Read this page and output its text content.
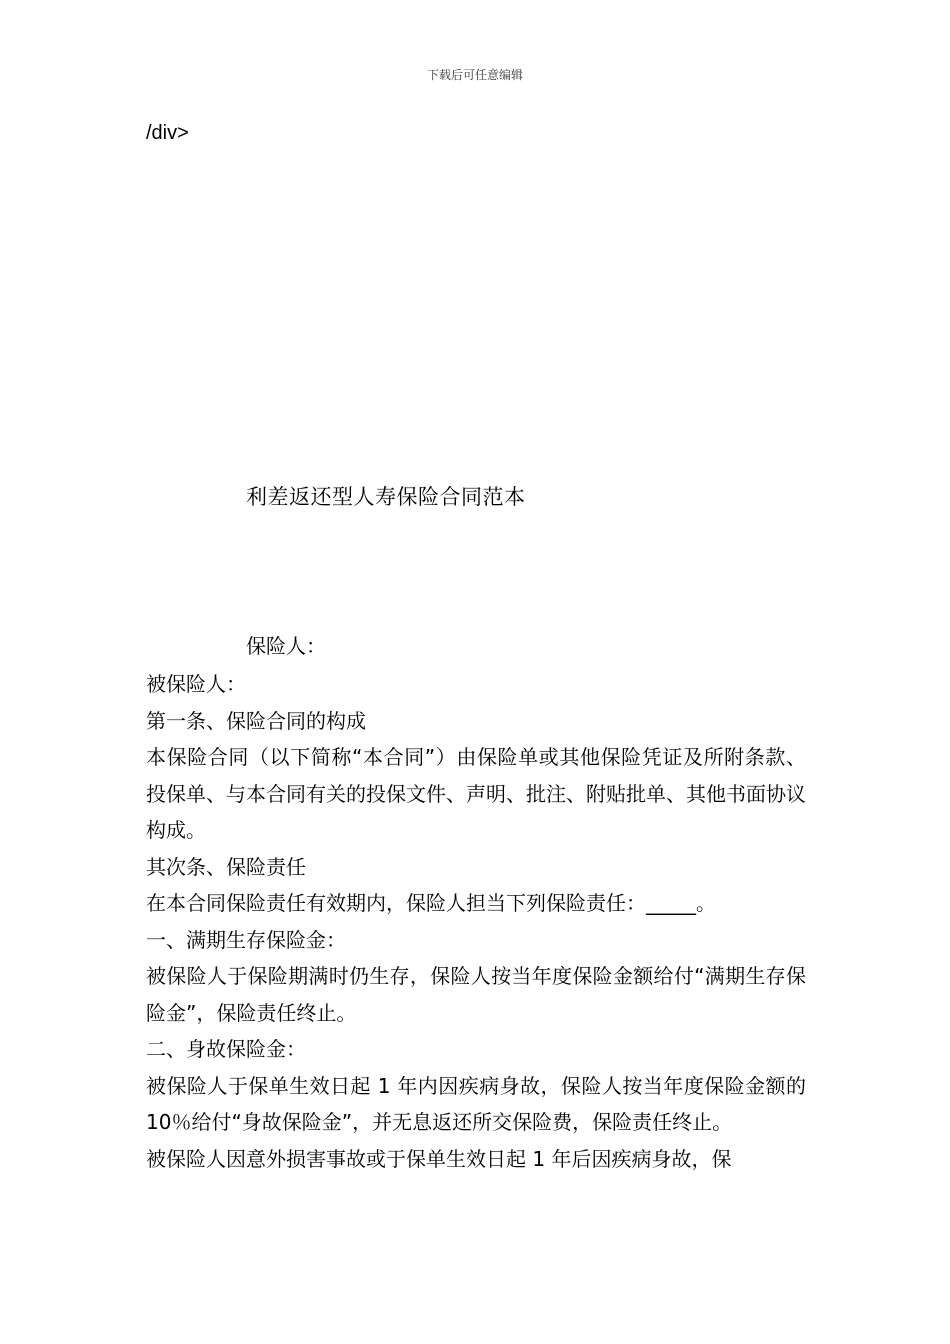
下载后可任意编辑
/div>
利差返还型人寿保险合同范本
保险人：

被保险人：

第一条、保险合同的构成

本保险合同（以下简称“本合同”）由保险单或其他保险凭证及所附条款、投保单、与本合同有关的投保文件、声明、批注、附贴批单、其他书面协议构成。

其次条、保险责任

在本合同保险责任有效期内，保险人担当下列保险责任：_____。

一、满期生存保险金：

被保险人于保险期满时仍生存，保险人按当年度保险金额给付“满期生存保险金”，保险责任终止。

二、身故保险金：

被保险人于保单生效日起 1 年内因疾病身故，保险人按当年度保险金额的 10％给付“身故保险金”，并无息返还所交保险费，保险责任终止。

被保险人因意外损害事故或于保单生效日起 1 年后因疾病身故，保
